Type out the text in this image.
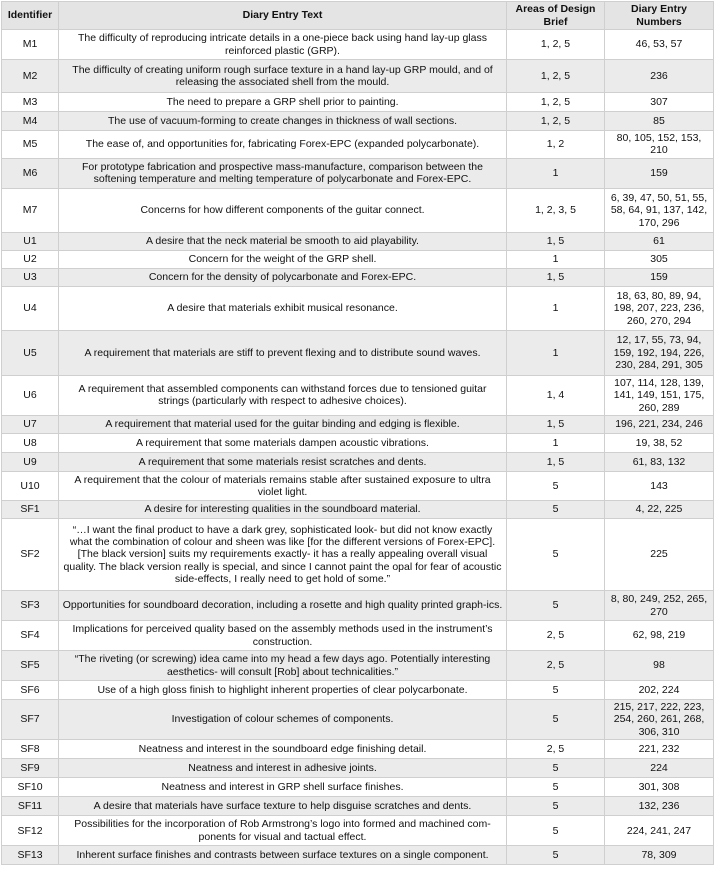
Identifier	Diary Entry Text	Areas of Design Brief	Diary Entry Numbers
M1	The difficulty of reproducing intricate details in a one-piece back using hand lay-up glass reinforced plastic (GRP).	1, 2, 5	46, 53, 57
M2	The difficulty of creating uniform rough surface texture in a hand lay-up GRP mould, and of releasing the associated shell from the mould.	1, 2, 5	236
M3	The need to prepare a GRP shell prior to painting.	1, 2, 5	307
M4	The use of vacuum-forming to create changes in thickness of wall sections.	1, 2, 5	85
M5	The ease of, and opportunities for, fabricating Forex-EPC (expanded polycarbonate).	1, 2	80, 105, 152, 153, 210
M6	For prototype fabrication and prospective mass-manufacture, comparison between the softening temperature and melting temperature of polycarbonate and Forex-EPC.	1	159
M7	Concerns for how different components of the guitar connect.	1, 2, 3, 5	6, 39, 47, 50, 51, 55, 58, 64, 91, 137, 142, 170, 296
U1	A desire that the neck material be smooth to aid playability.	1, 5	61
U2	Concern for the weight of the GRP shell.	1	305
U3	Concern for the density of polycarbonate and Forex-EPC.	1, 5	159
U4	A desire that materials exhibit musical resonance.	1	18, 63, 80, 89, 94, 198, 207, 223, 236, 260, 270, 294
U5	A requirement that materials are stiff to prevent flexing and to distribute sound waves.	1	12, 17, 55, 73, 94, 159, 192, 194, 226, 230, 284, 291, 305
U6	A requirement that assembled components can withstand forces due to tensioned guitar strings (particularly with respect to adhesive choices).	1, 4	107, 114, 128, 139, 141, 149, 151, 175, 260, 289
U7	A requirement that material used for the guitar binding and edging is flexible.	1, 5	196, 221, 234, 246
U8	A requirement that some materials dampen acoustic vibrations.	1	19, 38, 52
U9	A requirement that some materials resist scratches and dents.	1, 5	61, 83, 132
U10	A requirement that the colour of materials remains stable after sustained exposure to ultra violet light.	5	143
SF1	A desire for interesting qualities in the soundboard material.	5	4, 22, 225
SF2	“…I want the final product to have a dark grey, sophisticated look- but did not know exactly what the combination of colour and sheen was like [for the different versions of Forex-EPC]. [The black version] suits my requirements exactly- it has a really appealing overall visual quality. The black version really is special, and since I cannot paint the opal for fear of acoustic side-effects, I really need to get hold of some.”	5	225
SF3	Opportunities for soundboard decoration, including a rosette and high quality printed graph-ics.	5	8, 80, 249, 252, 265, 270
SF4	Implications for perceived quality based on the assembly methods used in the instrument’s construction.	2, 5	62, 98, 219
SF5	“The riveting (or screwing) idea came into my head a few days ago. Potentially interesting aesthetics- will consult [Rob] about technicalities.”	2, 5	98
SF6	Use of a high gloss finish to highlight inherent properties of clear polycarbonate.	5	202, 224
SF7	Investigation of colour schemes of components.	5	215, 217, 222, 223, 254, 260, 261, 268, 306, 310
SF8	Neatness and interest in the soundboard edge finishing detail.	2, 5	221, 232
SF9	Neatness and interest in adhesive joints.	5	224
SF10	Neatness and interest in GRP shell surface finishes.	5	301, 308
SF11	A desire that materials have surface texture to help disguise scratches and dents.	5	132, 236
SF12	Possibilities for the incorporation of Rob Armstrong’s logo into formed and machined com-ponents for visual and tactual effect.	5	224, 241, 247
SF13	Inherent surface finishes and contrasts between surface textures on a single component.	5	78, 309
